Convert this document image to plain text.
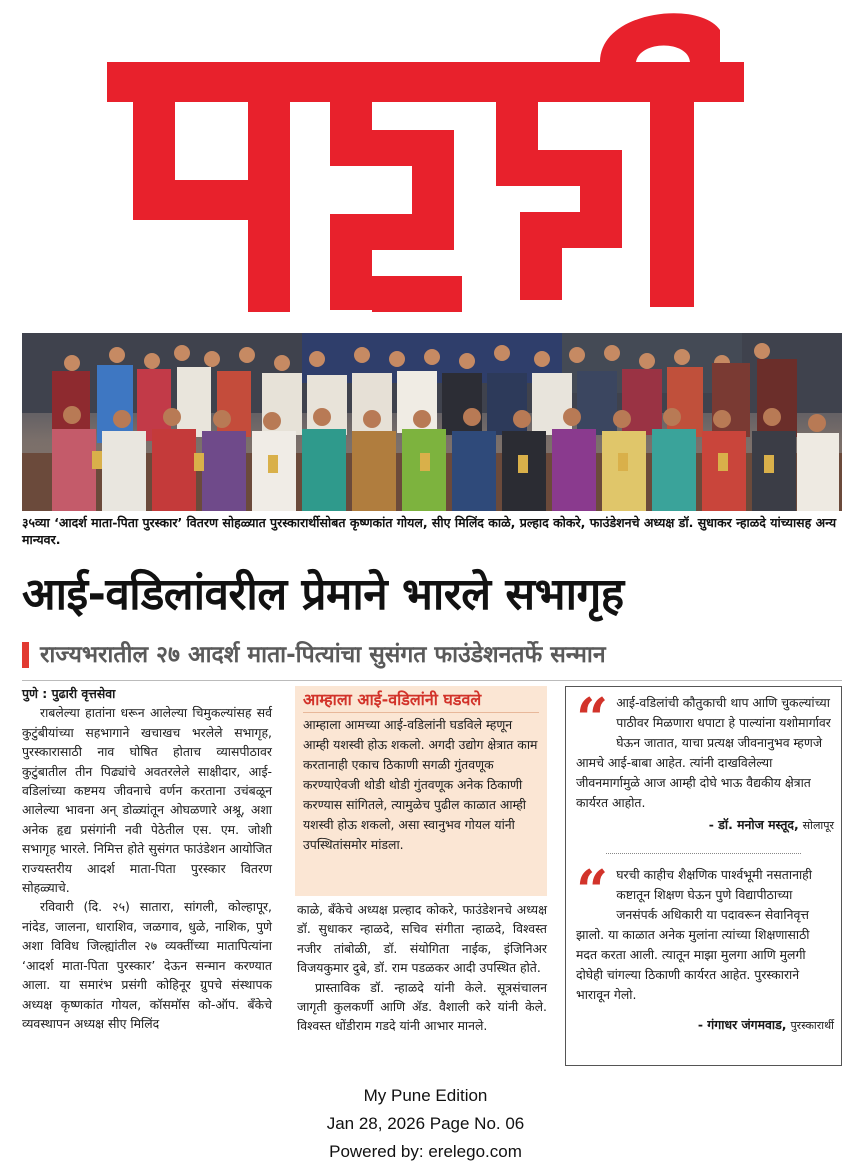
३५व्या ‘आदर्श माता-पिता पुरस्कार’ वितरण सोहळ्यात पुरस्कारार्थीसोबत कृष्णकांत गोयल, सीए मिलिंद काळे, प्रल्हाद कोकरे, फाउंडेशनचे अध्यक्ष डॉ. सुधाकर न्हाळदे यांच्यासह अन्य मान्यवर.
आई-वडिलांवरील प्रेमाने भारले सभागृह
राज्यभरातील २७ आदर्श माता-पित्यांचा सुसंगत फाउंडेशनतर्फे सन्मान
पुणे : पुढारी वृत्तसेवा

राबलेल्या हातांना धरून आलेल्या चिमुकल्यांसह सर्व कुटुंबीयांच्या सहभागाने खचाखच भरलेले सभागृह, पुरस्कारासाठी नाव घोषित होताच व्यासपीठावर कुटुंबातील तीन पिढ्यांचे अवतरलेले साक्षीदार, आई-वडिलांच्या कष्टमय जीवनाचे वर्णन करताना उचंबळून आलेल्या भावना अन् डोळ्यांतून ओघळणारे अश्रू, अशा अनेक हृद्य प्रसंगांनी नवी पेठेतील एस. एम. जोशी सभागृह भारले. निमित्त होते सुसंगत फाउंडेशन आयोजित राज्यस्तरीय आदर्श माता-पिता पुरस्कार वितरण सोहळ्याचे.

रविवारी (दि. २५) सातारा, सांगली, कोल्हापूर, नांदेड, जालना, धाराशिव, जळगाव, धुळे, नाशिक, पुणे अशा विविध जिल्ह्यांतील २७ व्यक्तींच्या मातापित्यांना ‘आदर्श माता-पिता पुरस्कार’ देऊन सन्मान करण्यात आला. या समारंभ प्रसंगी कोहिनूर ग्रुपचे संस्थापक अध्यक्ष कृष्णकांत गोयल, कॉसमॉस को-ऑप. बँकेचे व्यवस्थापन अध्यक्ष सीए मिलिंद

आम्हाला आई-वडिलांनी घडवले
आम्हाला आमच्या आई-वडिलांनी घडविले म्हणून आम्ही यशस्वी होऊ शकलो. अगदी उद्योग क्षेत्रात काम करतानाही एकाच ठिकाणी सगळी गुंतवणूक करण्याऐवजी थोडी थोडी गुंतवणूक अनेक ठिकाणी करण्यास सांगितले, त्यामुळेच पुढील काळात आम्ही यशस्वी होऊ शकलो, असा स्वानुभव गोयल यांनी उपस्थितांसमोर मांडला.

काळे, बँकेचे अध्यक्ष प्रल्हाद कोकरे, फाउंडेशनचे अध्यक्ष डॉ. सुधाकर न्हाळदे, सचिव संगीता न्हाळदे, विश्वस्त नजीर तांबोळी, डॉ. संयोगिता नाईक, इंजिनिअर विजयकुमार दुबे, डॉ. राम पडळकर आदी उपस्थित होते.

प्रास्ताविक डॉ. न्हाळदे यांनी केले. सूत्रसंचालन जागृती कुलकर्णी आणि ॲड. वैशाली करे यांनी केले. विश्वस्त धोंडीराम गडदे यांनी आभार मानले.

“ आई-वडिलांची कौतुकाची थाप आणि चुकल्यांच्या पाठीवर मिळणारा धपाटा हे पाल्यांना यशोमार्गावर घेऊन जातात, याचा प्रत्यक्ष जीवनानुभव म्हणजे आमचे आई-बाबा आहेत. त्यांनी दाखविलेल्या जीवनमार्गामुळे आज आम्ही दोघे भाऊ वैद्यकीय क्षेत्रात कार्यरत आहोत.
- डॉ. मनोज मस्तूद, सोलापूर
“ घरची काहीच शैक्षणिक पार्श्वभूमी नसतानाही कष्टातून शिक्षण घेऊन पुणे विद्यापीठाच्या जनसंपर्क अधिकारी या पदावरून सेवानिवृत्त झालो. या काळात अनेक मुलांना त्यांच्या शिक्षणासाठी मदत करता आली. त्यातून माझा मुलगा आणि मुलगी दोघेही चांगल्या ठिकाणी कार्यरत आहेत. पुरस्काराने भारावून गेलो.
- गंगाधर जंगमवाड, पुरस्कारार्थी
My Pune Edition
Jan 28, 2026 Page No. 06
Powered by: erelego.com
